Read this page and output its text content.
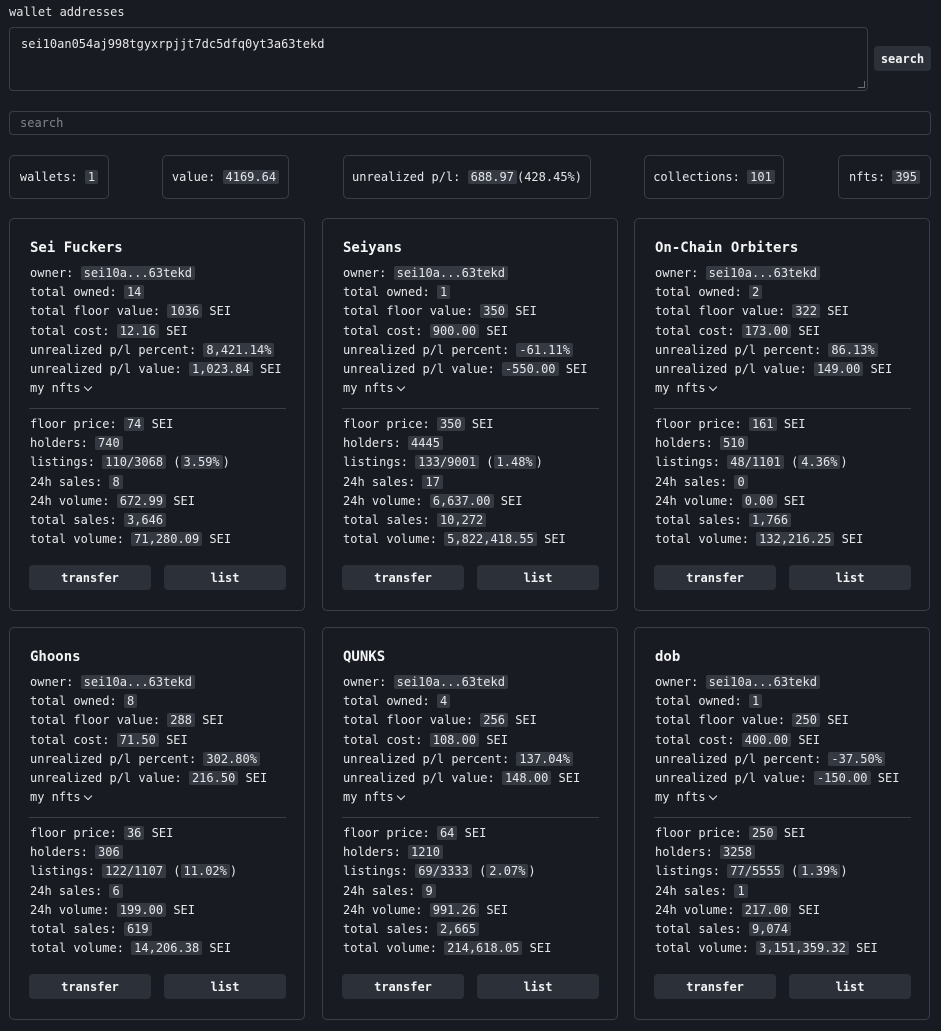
wallet addresses
sei10an054aj998tgyxrpjjt7dc5dfq0yt3a63tekd
search
search
wallets:
1	value:
4169.64	unrealized p/l:
688.97 (428.45%)	collections:
101	nfts:
395
Sei Fuckers
owner: sei10a...63tekd
total owned: 14
total floor value: 1036 SEI
total cost: 12.16 SEI
unrealized p/l percent: 8,421.14%
unrealized p/l value: 1,023.84 SEI
my nfts
floor price: 74 SEI
holders: 740
listings: 110/3068 ( 3.59% )
24h sales: 8
24h volume: 672.99 SEI
total sales: 3,646
total volume: 71,280.09 SEI
transfer	list
Seiyans
owner: sei10a...63tekd
total owned: 1
total floor value: 350 SEI
total cost: 900.00 SEI
unrealized p/l percent: -61.11%
unrealized p/l value: -550.00 SEI
my nfts
floor price: 350 SEI
holders: 4445
listings: 133/9001 ( 1.48% )
24h sales: 17
24h volume: 6,637.00 SEI
total sales: 10,272
total volume: 5,822,418.55 SEI
transfer	list
On-Chain Orbiters
owner: sei10a...63tekd
total owned: 2
total floor value: 322 SEI
total cost: 173.00 SEI
unrealized p/l percent: 86.13%
unrealized p/l value: 149.00 SEI
my nfts
floor price: 161 SEI
holders: 510
listings: 48/1101 ( 4.36% )
24h sales: 0
24h volume: 0.00 SEI
total sales: 1,766
total volume: 132,216.25 SEI
transfer	list
Ghoons
owner: sei10a...63tekd
total owned: 8
total floor value: 288 SEI
total cost: 71.50 SEI
unrealized p/l percent: 302.80%
unrealized p/l value: 216.50 SEI
my nfts
floor price: 36 SEI
holders: 306
listings: 122/1107 ( 11.02% )
24h sales: 6
24h volume: 199.00 SEI
total sales: 619
total volume: 14,206.38 SEI
transfer	list
QUNKS
owner: sei10a...63tekd
total owned: 4
total floor value: 256 SEI
total cost: 108.00 SEI
unrealized p/l percent: 137.04%
unrealized p/l value: 148.00 SEI
my nfts
floor price: 64 SEI
holders: 1210
listings: 69/3333 ( 2.07% )
24h sales: 9
24h volume: 991.26 SEI
total sales: 2,665
total volume: 214,618.05 SEI
transfer	list
dob
owner: sei10a...63tekd
total owned: 1
total floor value: 250 SEI
total cost: 400.00 SEI
unrealized p/l percent: -37.50%
unrealized p/l value: -150.00 SEI
my nfts
floor price: 250 SEI
holders: 3258
listings: 77/5555 ( 1.39% )
24h sales: 1
24h volume: 217.00 SEI
total sales: 9,074
total volume: 3,151,359.32 SEI
transfer	list
